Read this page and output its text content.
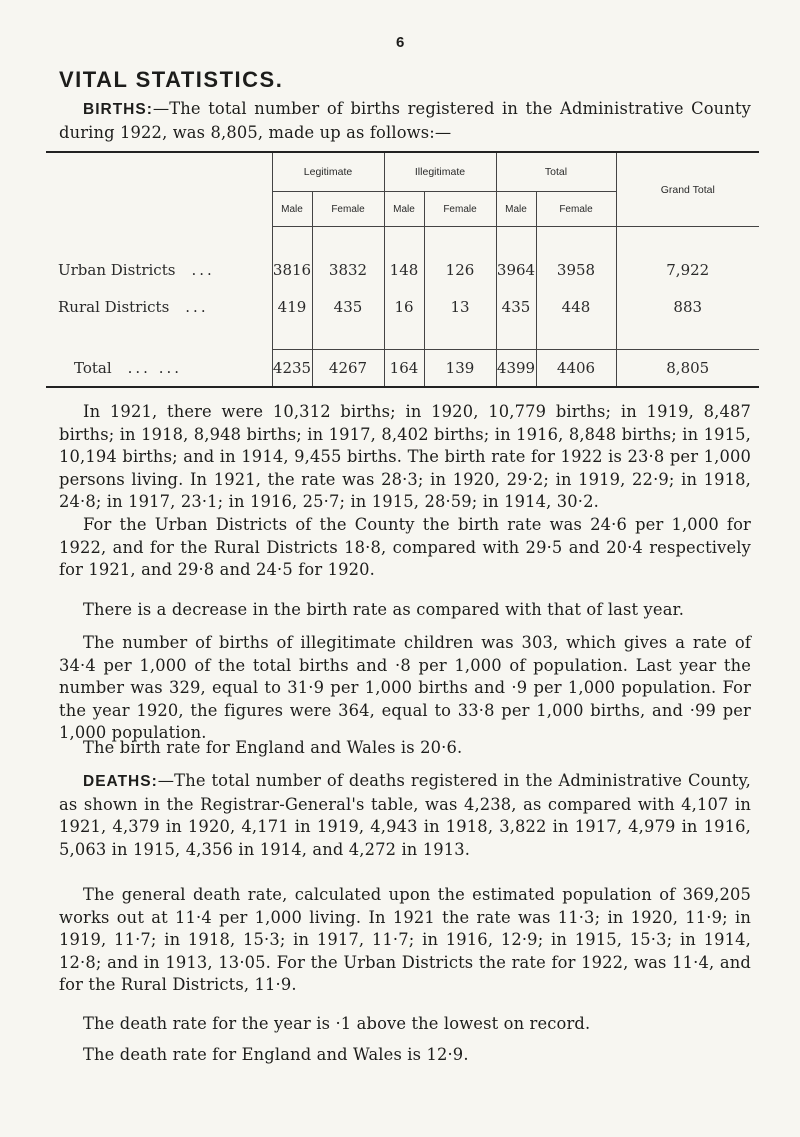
6
VITAL STATISTICS.
BIRTHS:—The total number of births registered in the Administrative County during 1922, was 8,805, made up as follows:—

	Legitimate		Illegitimate		Total		Grand Total
	Male	Female	Male	Female	Male	Female	

Urban Districts ...	3816	3832	148	126	3964	3958	7,922
Rural Districts ...	419	435	16	13	435	448	883

Total ... ...	4235	4267	164	139	4399	4406	8,805

In 1921, there were 10,312 births; in 1920, 10,779 births; in 1919, 8,487 births; in 1918, 8,948 births; in 1917, 8,402 births; in 1916, 8,848 births; in 1915, 10,194 births; and in 1914, 9,455 births. The birth rate for 1922 is 23·8 per 1,000 persons living. In 1921, the rate was 28·3; in 1920, 29·2; in 1919, 22·9; in 1918, 24·8; in 1917, 23·1; in 1916, 25·7; in 1915, 28·59; in 1914, 30·2.
For the Urban Districts of the County the birth rate was 24·6 per 1,000 for 1922, and for the Rural Districts 18·8, compared with 29·5 and 20·4 respectively for 1921, and 29·8 and 24·5 for 1920.
There is a decrease in the birth rate as compared with that of last year.
The number of births of illegitimate children was 303, which gives a rate of 34·4 per 1,000 of the total births and ·8 per 1,000 of population. Last year the number was 329, equal to 31·9 per 1,000 births and ·9 per 1,000 population. For the year 1920, the figures were 364, equal to 33·8 per 1,000 births, and ·99 per 1,000 population.
The birth rate for England and Wales is 20·6.
DEATHS:—The total number of deaths registered in the Administrative County, as shown in the Registrar-General's table, was 4,238, as compared with 4,107 in 1921, 4,379 in 1920, 4,171 in 1919, 4,943 in 1918, 3,822 in 1917, 4,979 in 1916, 5,063 in 1915, 4,356 in 1914, and 4,272 in 1913.
The general death rate, calculated upon the estimated population of 369,205 works out at 11·4 per 1,000 living. In 1921 the rate was 11·3; in 1920, 11·9; in 1919, 11·7; in 1918, 15·3; in 1917, 11·7; in 1916, 12·9; in 1915, 15·3; in 1914, 12·8; and in 1913, 13·05. For the Urban Districts the rate for 1922, was 11·4, and for the Rural Districts, 11·9.
The death rate for the year is ·1 above the lowest on record.
The death rate for England and Wales is 12·9.
